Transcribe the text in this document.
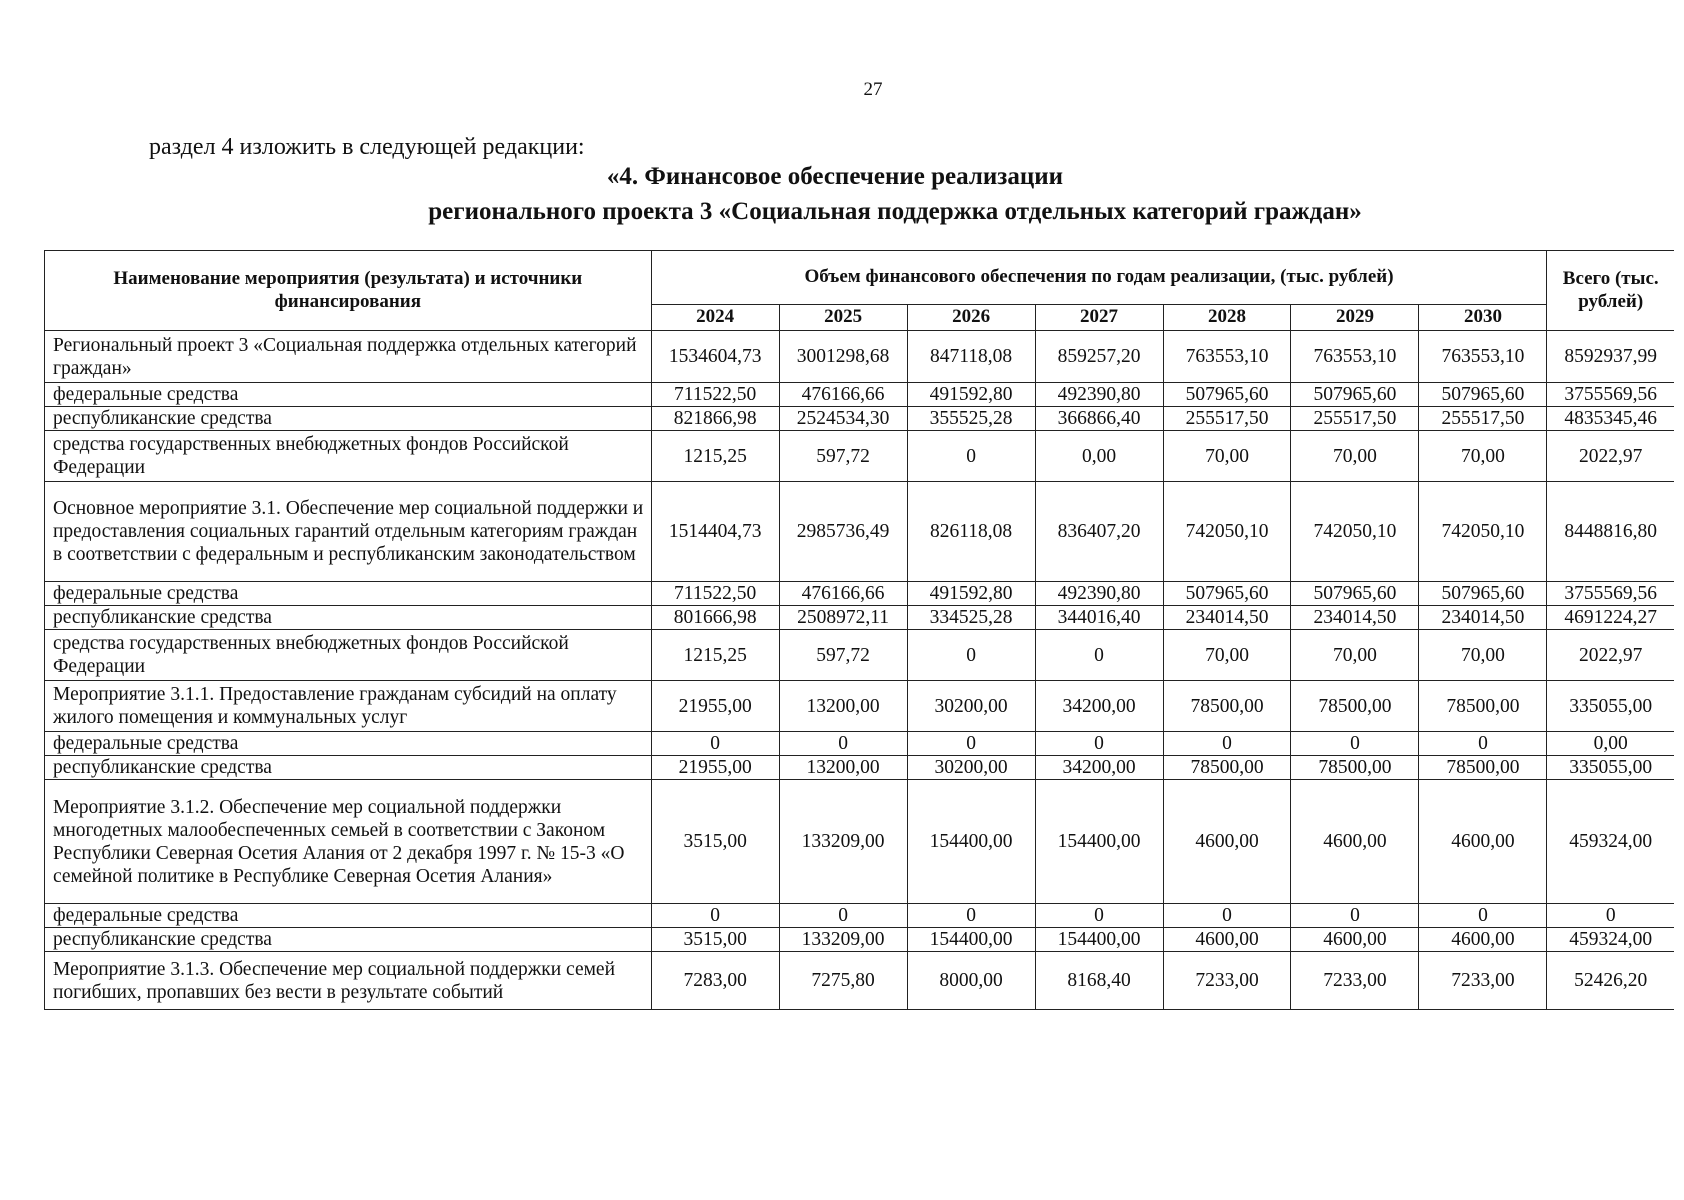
27
раздел 4 изложить в следующей редакции:
«4. Финансовое обеспечение реализации
регионального проекта 3 «Социальная поддержка отдельных категорий граждан»
Наименование мероприятия (результата) и источники финансирования	Объем финансового обеспечения по годам реализации, (тыс. рублей)							Всего (тыс. рублей)
	2024	2025	2026	2027	2028	2029	2030	
Региональный проект 3 «Социальная поддержка отдельных категорий граждан»	1534604,73	3001298,68	847118,08	859257,20	763553,10	763553,10	763553,10	8592937,99
федеральные средства	711522,50	476166,66	491592,80	492390,80	507965,60	507965,60	507965,60	3755569,56
республиканские средства	821866,98	2524534,30	355525,28	366866,40	255517,50	255517,50	255517,50	4835345,46
средства государственных внебюджетных фондов Российской Федерации	1215,25	597,72	0	0,00	70,00	70,00	70,00	2022,97
Основное мероприятие 3.1. Обеспечение мер социальной поддержки и предоставления социальных гарантий отдельным категориям граждан в соответствии с федеральным и республиканским законодательством	1514404,73	2985736,49	826118,08	836407,20	742050,10	742050,10	742050,10	8448816,80
федеральные средства	711522,50	476166,66	491592,80	492390,80	507965,60	507965,60	507965,60	3755569,56
республиканские средства	801666,98	2508972,11	334525,28	344016,40	234014,50	234014,50	234014,50	4691224,27
средства государственных внебюджетных фондов Российской Федерации	1215,25	597,72	0	0	70,00	70,00	70,00	2022,97
Мероприятие 3.1.1. Предоставление гражданам субсидий на оплату жилого помещения и коммунальных услуг	21955,00	13200,00	30200,00	34200,00	78500,00	78500,00	78500,00	335055,00
федеральные средства	0	0	0	0	0	0	0	0,00
республиканские средства	21955,00	13200,00	30200,00	34200,00	78500,00	78500,00	78500,00	335055,00
Мероприятие 3.1.2. Обеспечение мер социальной поддержки многодетных малообеспеченных семьей в соответствии с Законом Республики Северная Осетия Алания от 2 декабря 1997 г. № 15-3 «О семейной политике в Республике Северная Осетия Алания»	3515,00	133209,00	154400,00	154400,00	4600,00	4600,00	4600,00	459324,00
федеральные средства	0	0	0	0	0	0	0	0
республиканские средства	3515,00	133209,00	154400,00	154400,00	4600,00	4600,00	4600,00	459324,00
Мероприятие 3.1.3. Обеспечение мер социальной поддержки семей погибших, пропавших без вести в результате событий	7283,00	7275,80	8000,00	8168,40	7233,00	7233,00	7233,00	52426,20
